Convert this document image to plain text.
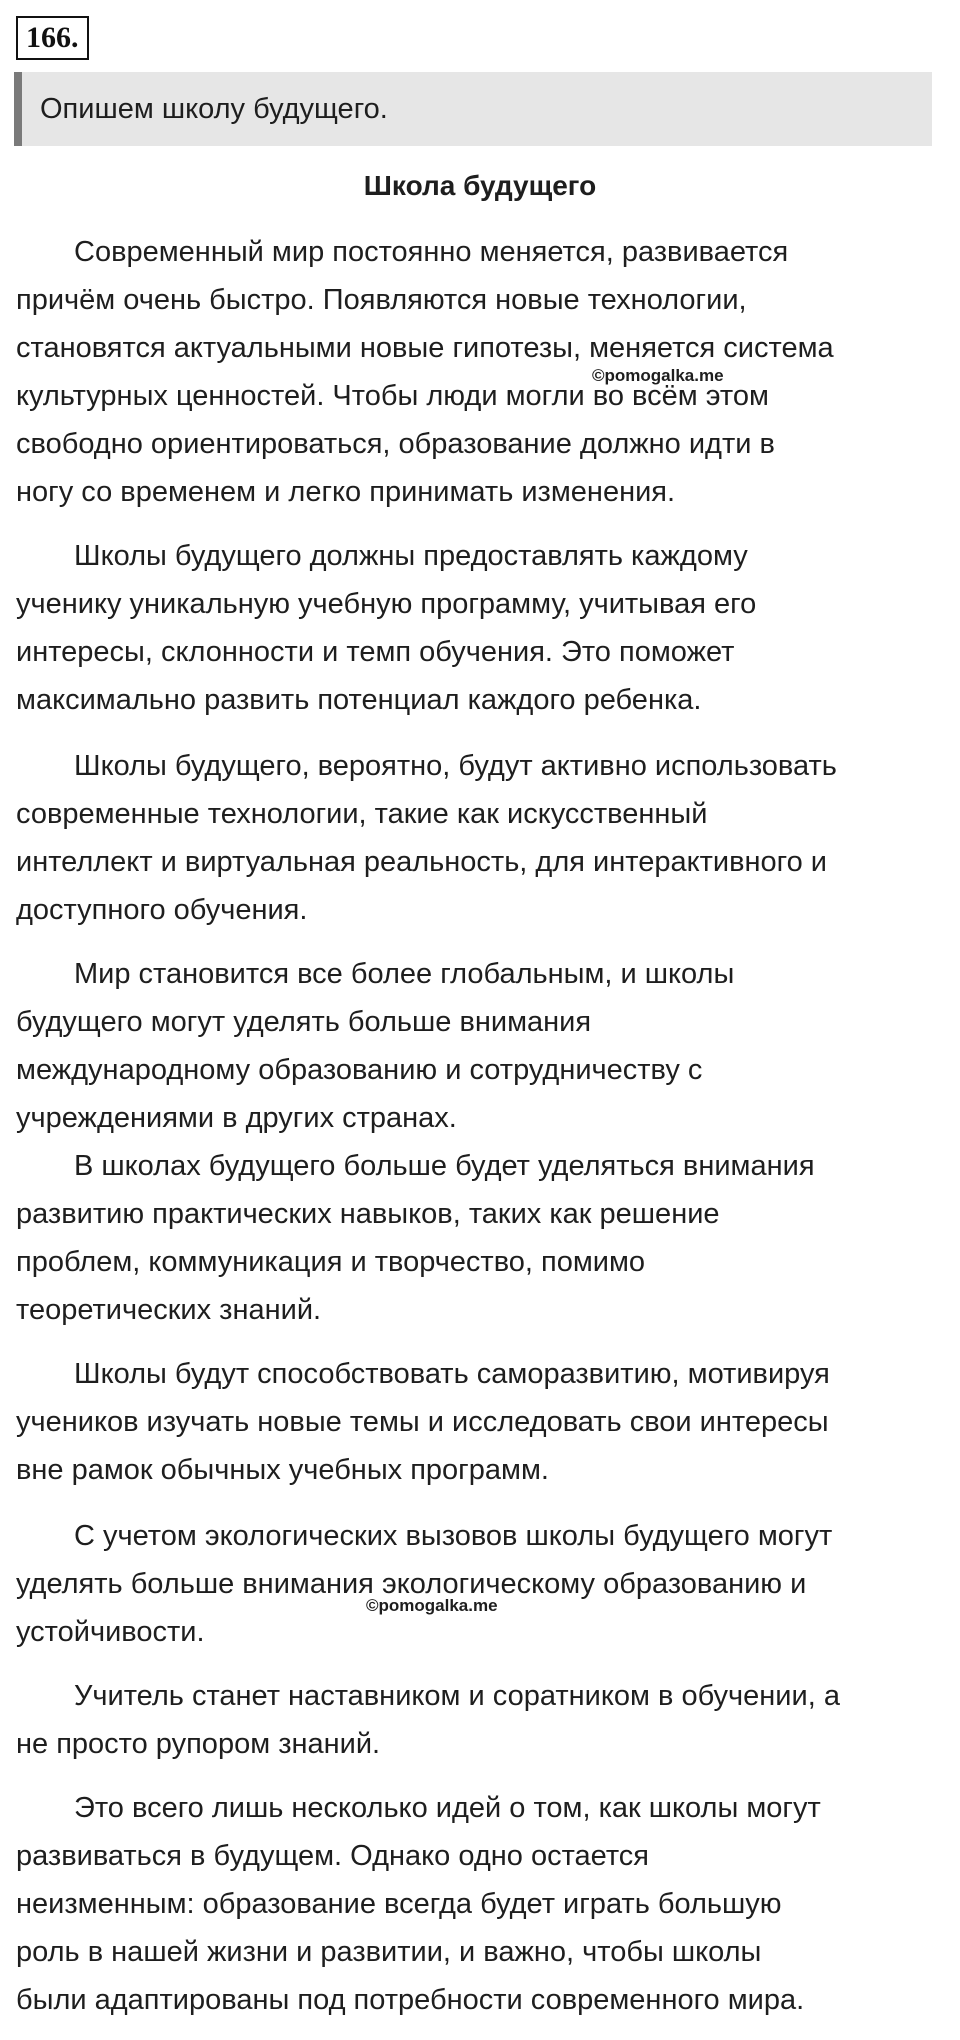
166.
Опишем школу будущего.
Школа будущего
Современный мир постоянно меняется, развивается
причём очень быстро. Появляются новые технологии,
становятся актуальными новые гипотезы, меняется система
культурных ценностей. Чтобы люди могли во всём этом
свободно ориентироваться, образование должно идти в
ногу со временем и легко принимать изменения.
©pomogalka.me
Школы будущего должны предоставлять каждому
ученику уникальную учебную программу, учитывая его
интересы, склонности и темп обучения. Это поможет
максимально развить потенциал каждого ребенка.
Школы будущего, вероятно, будут активно использовать
современные технологии, такие как искусственный
интеллект и виртуальная реальность, для интерактивного и
доступного обучения.
Мир становится все более глобальным, и школы
будущего могут уделять больше внимания
международному образованию и сотрудничеству с
учреждениями в других странах.
В школах будущего больше будет уделяться внимания
развитию практических навыков, таких как решение
проблем, коммуникация и творчество, помимо
теоретических знаний.
Школы будут способствовать саморазвитию, мотивируя
учеников изучать новые темы и исследовать свои интересы
вне рамок обычных учебных программ.
С учетом экологических вызовов школы будущего могут
уделять больше внимания экологическому образованию и
устойчивости.
©pomogalka.me
Учитель станет наставником и соратником в обучении, а
не просто рупором знаний.
Это всего лишь несколько идей о том, как школы могут
развиваться в будущем. Однако одно остается
неизменным: образование всегда будет играть большую
роль в нашей жизни и развитии, и важно, чтобы школы
были адаптированы под потребности современного мира.
